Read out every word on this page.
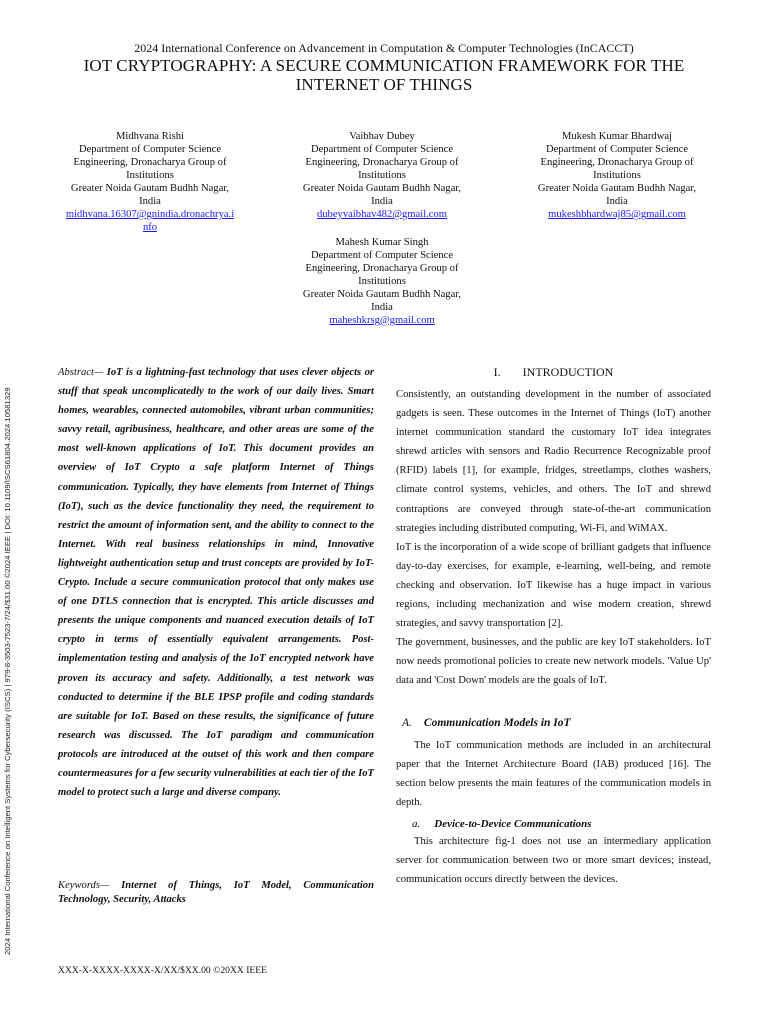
2024 International Conference on Advancement in Computation & Computer Technologies (InCACCT)
IOT CRYPTOGRAPHY: A SECURE COMMUNICATION FRAMEWORK FOR THE
INTERNET OF THINGS
Midhvana Rishi
Department of Computer Science
Engineering, Dronacharya Group of
Institutions
Greater Noida Gautam Budhh Nagar,
India
midhvana.16307@gnindia.dronachrya.i nfo
Vaibhav Dubey
Department of Computer Science
Engineering, Dronacharya Group of
Institutions
Greater Noida Gautam Budhh Nagar,
India
dubeyvaibhav482@gmail.com
Mukesh Kumar Bhardwaj
Department of Computer Science
Engineering, Dronacharya Group of
Institutions
Greater Noida Gautam Budhh Nagar,
India
mukeshbhardwaj85@gmail.com
Mahesh Kumar Singh
Department of Computer Science
Engineering, Dronacharya Group of
Institutions
Greater Noida Gautam Budhh Nagar,
India
maheshkrsg@gmail.com
2024 International Conference on Intelligent Systems for Cybersecurity (ISCS) | 979-8-3503-7523-7/24/$31.00 ©2024 IEEE | DOI: 10.1109/ISCS61804.2024.10581329
Abstract— IoT is a lightning-fast technology that uses clever objects or stuff that speak uncomplicatedly to the work of our daily lives. Smart homes, wearables, connected automobiles, vibrant urban communities; savvy retail, agribusiness, healthcare, and other areas are some of the most well-known applications of IoT. This document provides an overview of IoT Crypto a safe platform Internet of Things communication. Typically, they have elements from Internet of Things (IoT), such as the device functionality they need, the requirement to restrict the amount of information sent, and the ability to connect to the Internet. With real business relationships in mind, Innovative lightweight authentication setup and trust concepts are provided by IoT-Crypto. Include a secure communication protocol that only makes use of one DTLS connection that is encrypted. This article discusses and presents the unique components and nuanced execution details of IoT crypto in terms of essentially equivalent arrangements. Post-implementation testing and analysis of the IoT encrypted network have proven its accuracy and safety. Additionally, a test network was conducted to determine if the BLE IPSP profile and coding standards are suitable for IoT. Based on these results, the significance of future research was discussed. The IoT paradigm and communication protocols are introduced at the outset of this work and then compare countermeasures for a few security vulnerabilities at each tier of the IoT model to protect such a large and diverse company.
Keywords— Internet of Things, IoT Model, Communication Technology, Security, Attacks
I. INTRODUCTION

Consistently, an outstanding development in the number of associated gadgets is seen. These outcomes in the Internet of Things (IoT) another internet communication standard the customary IoT idea integrates shrewd articles with sensors and Radio Recurrence Recognizable proof (RFID) labels [1], for example, fridges, streetlamps, clothes washers, climate control systems, vehicles, and others. The IoT and shrewd contraptions are conveyed through state-of-the-art communication strategies including distributed computing, Wi-Fi, and WiMAX.

IoT is the incorporation of a wide scope of brilliant gadgets that influence day-to-day exercises, for example, e-learning, well-being, and remote checking and observation. IoT likewise has a huge impact in various regions, including mechanization and wise modern creation, shrewd strategies, and savvy transportation [2].

The government, businesses, and the public are key IoT stakeholders. IoT now needs promotional policies to create new network models. 'Value Up' data and 'Cost Down' models are the goals of IoT.

A. Communication Models in IoT

The IoT communication methods are included in an architectural paper that the Internet Architecture Board (IAB) produced [16]. The section below presents the main features of the communication models in depth.

a. Device-to-Device Communications

This architecture fig-1 does not use an intermediary application server for communication between two or more smart devices; instead, communication occurs directly between the devices.

XXX-X-XXXX-XXXX-X/XX/$XX.00 ©20XX IEEE
